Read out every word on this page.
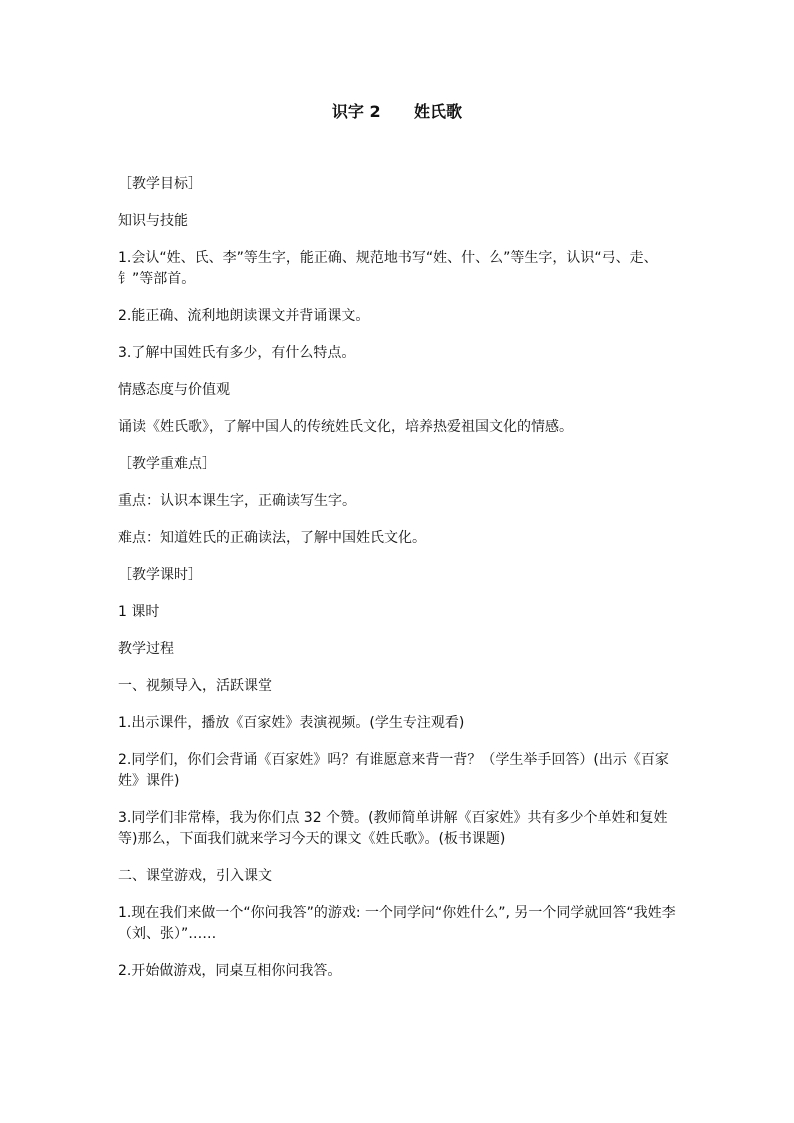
识字 2      姓氏歌

［教学目标］

知识与技能

1.会认“姓、氏、李”等生字，能正确、规范地书写“姓、什、么”等生字，认识“弓、走、钅”等部首。

2.能正确、流利地朗读课文并背诵课文。

3.了解中国姓氏有多少，有什么特点。

情感态度与价值观

诵读《姓氏歌》，了解中国人的传统姓氏文化，培养热爱祖国文化的情感。

［教学重难点］

重点：认识本课生字，正确读写生字。

难点：知道姓氏的正确读法，了解中国姓氏文化。

［教学课时］

1 课时

教学过程

一、视频导入，活跃课堂

1.出示课件，播放《百家姓》表演视频。(学生专注观看)

2.同学们，你们会背诵《百家姓》吗？有谁愿意来背一背？（学生举手回答）(出示《百家姓》课件)

3.同学们非常棒，我为你们点 32 个赞。(教师简单讲解《百家姓》共有多少个单姓和复姓等)那么，下面我们就来学习今天的课文《姓氏歌》。(板书课题)

二、课堂游戏，引入课文

1.现在我们来做一个“你问我答”的游戏: 一个同学问“你姓什么”, 另一个同学就回答“我姓李（刘、张）”……

2.开始做游戏，同桌互相你问我答。
